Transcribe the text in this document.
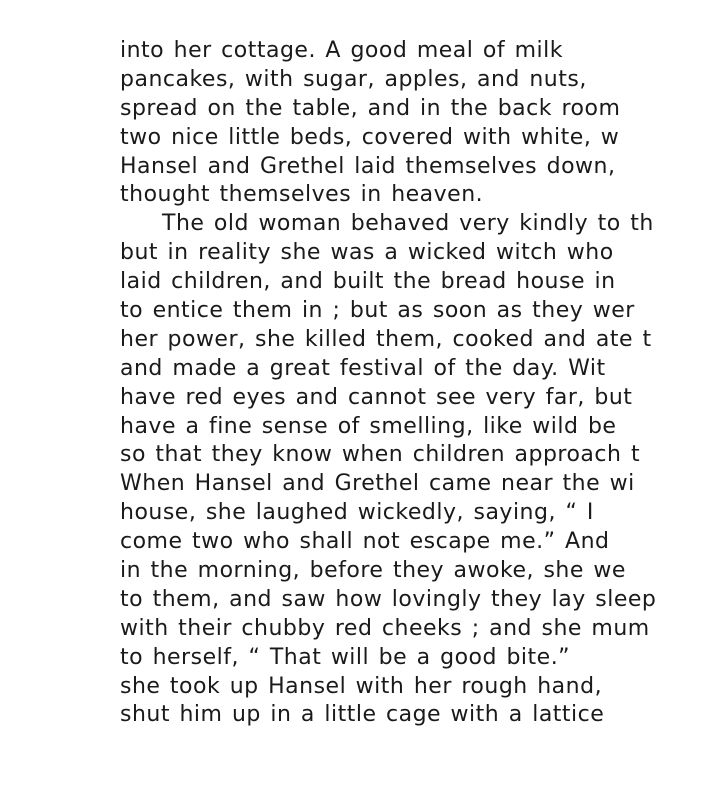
into her cottage. A good meal of milk
pancakes, with sugar, apples, and nuts,
spread on the table, and in the back room
two nice little beds, covered with white, w
Hansel and Grethel laid themselves down,
thought themselves in heaven.
The old woman behaved very kindly to th
but in reality she was a wicked witch who
laid children, and built the bread house in
to entice them in ; but as soon as they wer
her power, she killed them, cooked and ate t
and made a great festival of the day. Wit
have red eyes and cannot see very far, but
have a fine sense of smelling, like wild be
so that they know when children approach t
When Hansel and Grethel came near the wi
house, she laughed wickedly, saying, “ I
come two who shall not escape me.” And
in the morning, before they awoke, she we
to them, and saw how lovingly they lay sleep
with their chubby red cheeks ; and she mum
to herself, “ That will be a good bite.”
she took up Hansel with her rough hand,
shut him up in a little cage with a lattice
